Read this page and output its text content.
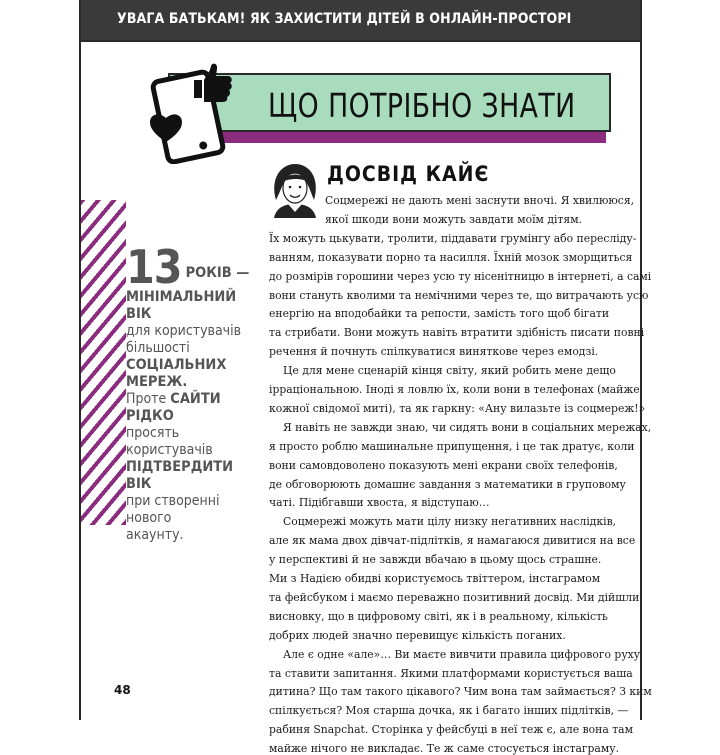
УВАГА БАТЬКАМ! ЯК ЗАХИСТИТИ ДІТЕЙ В ОНЛАЙН-ПРОСТОРІ
ЩО ПОТРІБНО ЗНАТИ
13 РОКІВ —
МІНІМАЛЬНИЙ ВІК
для користувачів
більшості
СОЦІАЛЬНИХ МЕРЕЖ.
Проте САЙТИ РІДКО
просять користувачів
ПІДТВЕРДИТИ ВІК
при створенні нового
акаунту.
ДОСВІД КАЙЄ
Соцмережі не дають мені заснути вночі. Я хвилююся,
якої шкоди вони можуть завдати моїм дітям.
Їх можуть цькувати, тролити, піддавати грумінгу або пересліду-
ванням, показувати порно та насилля. Їхній мозок зморщиться
до розмірів горошини через усю ту нісенітницю в інтернеті, а самі
вони стануть кволими та немічними через те, що витрачають усю
енергію на вподобайки та репости, замість того щоб бігати
та стрибати. Вони можуть навіть втратити здібність писати повні
речення й почнуть спілкуватися виняткове через емодзі.
Це для мене сценарій кінця світу, який робить мене дещо
ірраціональною. Іноді я ловлю їх, коли вони в телефонах (майже
кожної свідомої миті), та як гаркну: «Ану вилазьте із соцмереж!»
Я навіть не завжди знаю, чи сидять вони в соціальних мережах,
я просто роблю машинальне припущення, і це так дратує, коли
вони самовдоволено показують мені екрани своїх телефонів,
де обговорюють домашнє завдання з математики в груповому
чаті. Підібгавши хвоста, я відступаю…
Соцмережі можуть мати цілу низку негативних наслідків,
але як мама двох дівчат-підлітків, я намагаюся дивитися на все
у перспективі й не завжди вбачаю в цьому щось страшне.
Ми з Надією обидві користуємось твіттером, інстаграмом
та фейсбуком і маємо переважно позитивний досвід. Ми дійшли
висновку, що в цифровому світі, як і в реальному, кількість
добрих людей значно перевищує кількість поганих.
Але є одне «але»… Ви маєте вивчити правила цифрового руху
та ставити запитання. Якими платформами користується ваша
дитина? Що там такого цікавого? Чим вона там займається? З ким
спілкується? Моя старша дочка, як і багато інших підлітків, —
рабиня Snapchat. Сторінка у фейсбуці в неї теж є, але вона там
майже нічого не викладає. Те ж саме стосується інстаграму.
48
